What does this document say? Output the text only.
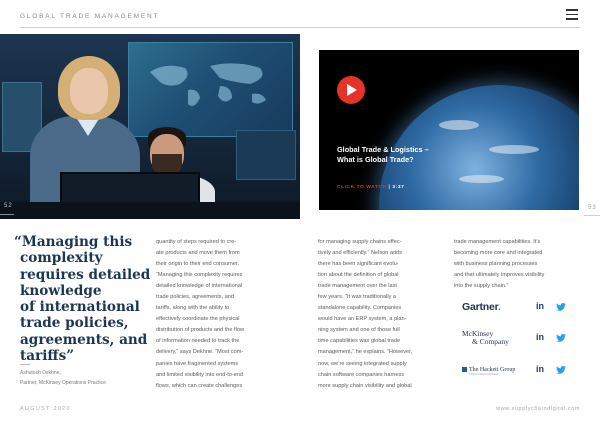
GLOBAL TRADE MANAGEMENT
52	53
Global Trade & Logistics –
What is Global Trade?
CLICK TO WATCH | 3:37
“Managing this
complexity
requires detailed
knowledge
of international
trade policies,
agreements, and
tariffs”
Ashutosh Dekhne,
Partner, McKinsey Operations Practice
quantity of steps required to cre-
ate products and move them from
their origin to their end consumer.
“Managing this complexity requires
detailed knowledge of international
trade policies, agreements, and
tariffs, along with the ability to
effectively coordinate the physical
distribution of products and the flow
of information needed to track the
delivery,” says Dekhne. “Most com-
panies have fragmented systems
and limited visibility into end-to-end
flows, which can create challenges
for managing supply chains effec-
tively and efficiently.” Nelson adds
there has been significant evolu-
tion about the definition of global
trade management over the last
few years. “It was traditionally a
standalone capability. Companies
would have an ERP system, a plan-
ning system and one of those full
time capabilities was global trade
management,” he explains. “However,
now, we’re seeing integrated supply
chain software companies harness
more supply chain visibility and global
trade management capabilities. It’s
becoming more core and integrated
with business planning processes
and that ultimately improves visibility
into the supply chain.”
Gartner.	in
McKinsey
& Company	in
The Hackett Group
Empowering Performance
in
AUGUST 2020	www.supplychaindigital.com
